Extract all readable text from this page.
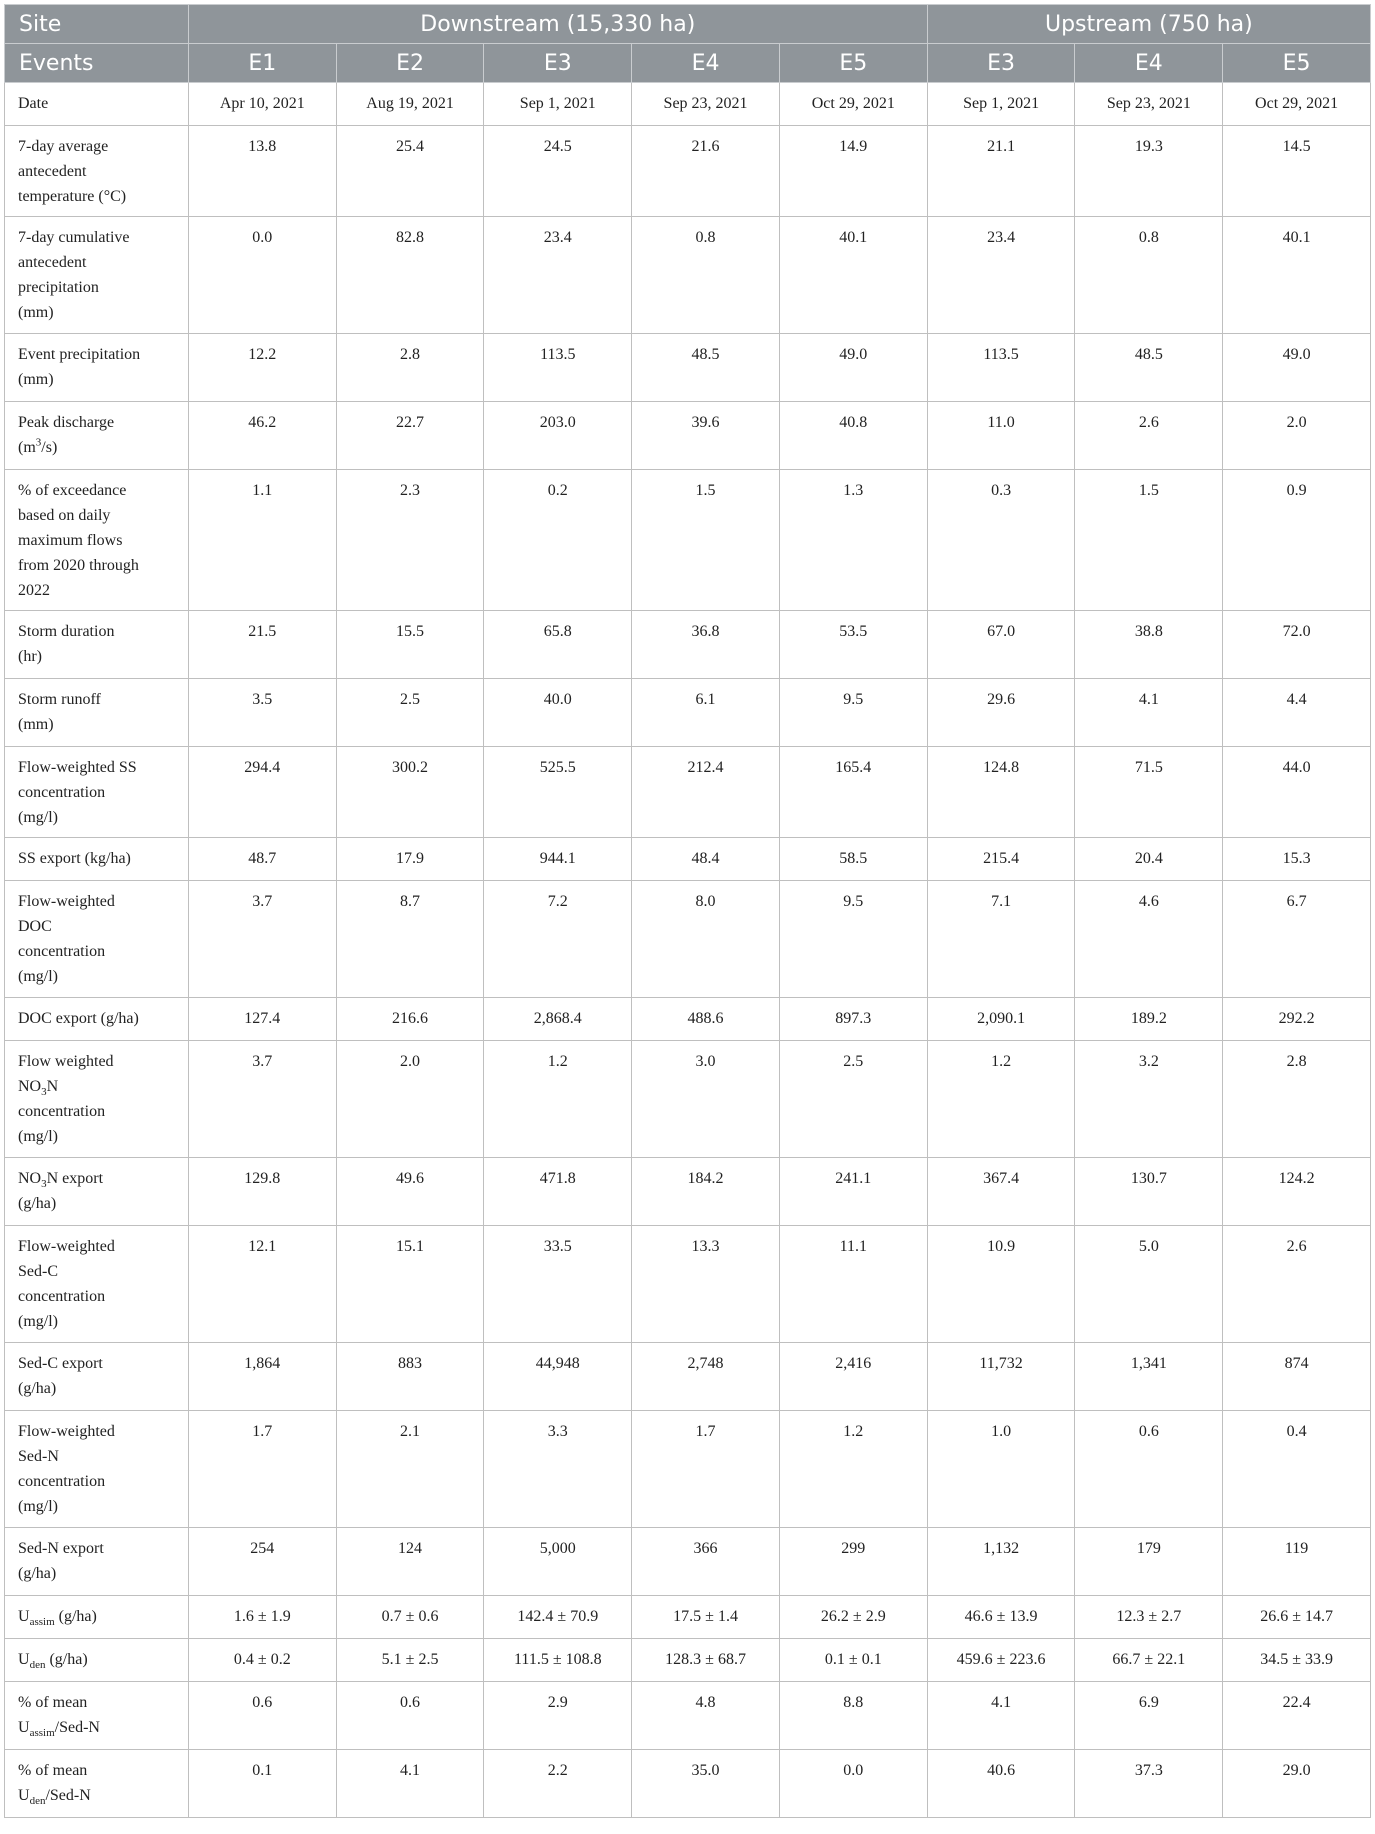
Site	Downstream (15,330 ha)					Upstream (750 ha)		
Events	E1	E2	E3	E4	E5	E3	E4	E5

Date	Apr 10, 2021	Aug 19, 2021	Sep 1, 2021	Sep 23, 2021	Oct 29, 2021	Sep 1, 2021	Sep 23, 2021	Oct 29, 2021

7-day average
antecedent
temperature (°C)	13.8	25.4	24.5	21.6	14.9	21.1	19.3	14.5

7-day cumulative
antecedent
precipitation
(mm)	0.0	82.8	23.4	0.8	40.1	23.4	0.8	40.1

Event precipitation
(mm)	12.2	2.8	113.5	48.5	49.0	113.5	48.5	49.0

Peak discharge
$(m^3/s)$	46.2	22.7	203.0	39.6	40.8	11.0	2.6	2.0

% of exceedance
based on daily
maximum flows
from 2020 through
2022	1.1	2.3	0.2	1.5	1.3	0.3	1.5	0.9

Storm duration
(hr)	21.5	15.5	65.8	36.8	53.5	67.0	38.8	72.0

Storm runoff
(mm)	3.5	2.5	40.0	6.1	9.5	29.6	4.1	4.4

Flow-weighted SS
concentration
(mg/l)	294.4	300.2	525.5	212.4	165.4	124.8	71.5	44.0

SS export (kg/ha)	48.7	17.9	944.1	48.4	58.5	215.4	20.4	15.3

Flow-weighted
DOC
concentration
(mg/l)	3.7	8.7	7.2	8.0	9.5	7.1	4.6	6.7

DOC export (g/ha)	127.4	216.6	2,868.4	488.6	897.3	2,090.1	189.2	292.2

Flow weighted
$NO_3N$
concentration
(mg/l)	3.7	2.0	1.2	3.0	2.5	1.2	3.2	2.8

$NO_3N$ export
(g/ha)	129.8	49.6	471.8	184.2	241.1	367.4	130.7	124.2

Flow-weighted
Sed-C
concentration
(mg/l)	12.1	15.1	33.5	13.3	11.1	10.9	5.0	2.6

Sed-C export
(g/ha)	1,864	883	44,948	2,748	2,416	11,732	1,341	874

Flow-weighted
Sed-N
concentration
(mg/l)	1.7	2.1	3.3	1.7	1.2	1.0	0.6	0.4

Sed-N export
(g/ha)	254	124	5,000	366	299	1,132	179	119

$U_{assim}$ (g/ha)	1.6 ± 1.9	0.7 ± 0.6	142.4 ± 70.9	17.5 ± 1.4	26.2 ± 2.9	46.6 ± 13.9	12.3 ± 2.7	26.6 ± 14.7

$U_{den}$ (g/ha)	0.4 ± 0.2	5.1 ± 2.5	111.5 ± 108.8	128.3 ± 68.7	0.1 ± 0.1	459.6 ± 223.6	66.7 ± 22.1	34.5 ± 33.9

% of mean
$U_{assim}/Sed-N$	0.6	0.6	2.9	4.8	8.8	4.1	6.9	22.4

% of mean
$U_{den}/Sed-N$	0.1	4.1	2.2	35.0	0.0	40.6	37.3	29.0
